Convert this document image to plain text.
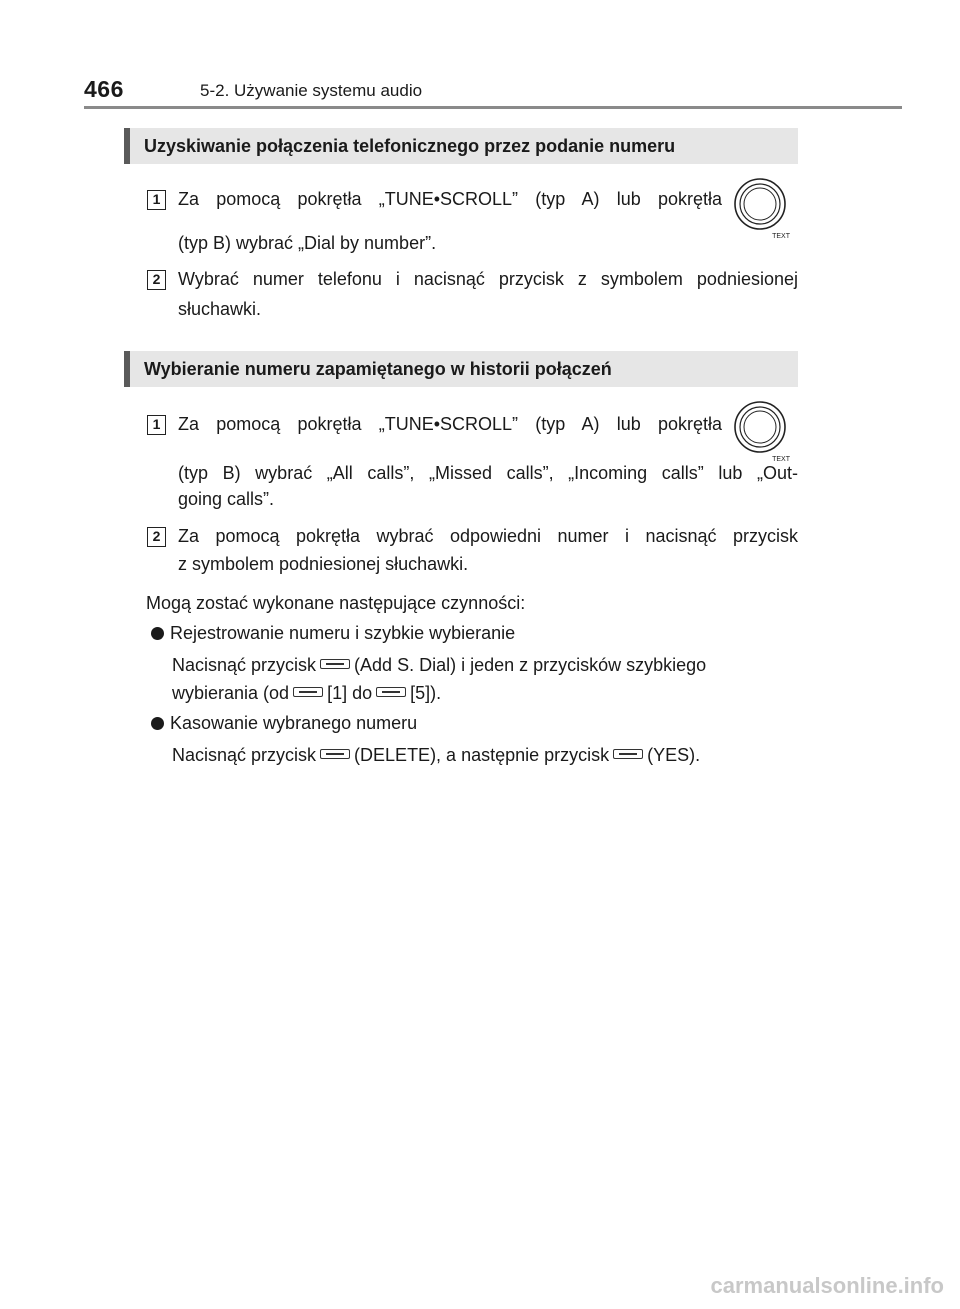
466	5-2. Używanie systemu audio
Uzyskiwanie połączenia telefonicznego przez podanie numeru
1 Za pomocą pokrętła „TUNE•SCROLL” (typ A) lub pokrętła
TEXT
(typ B) wybrać „Dial by number”.
2 Wybrać numer telefonu i nacisnąć przycisk z symbolem podniesionej
słuchawki.
Wybieranie numeru zapamiętanego w historii połączeń
1 Za pomocą pokrętła „TUNE•SCROLL” (typ A) lub pokrętła
TEXT
(typ B) wybrać „All calls”, „Missed calls”, „Incoming calls” lub „Out-
going calls”.
2 Za pomocą pokrętła wybrać odpowiedni numer i nacisnąć przycisk
z symbolem podniesionej słuchawki.
Mogą zostać wykonane następujące czynności:
Rejestrowanie numeru i szybkie wybieranie
Nacisnąć przycisk (Add S. Dial) i jeden z przycisków szybkiego
wybierania (od [1] do [5]).
Kasowanie wybranego numeru
Nacisnąć przycisk (DELETE), a następnie przycisk (YES).
carmanualsonline.info
